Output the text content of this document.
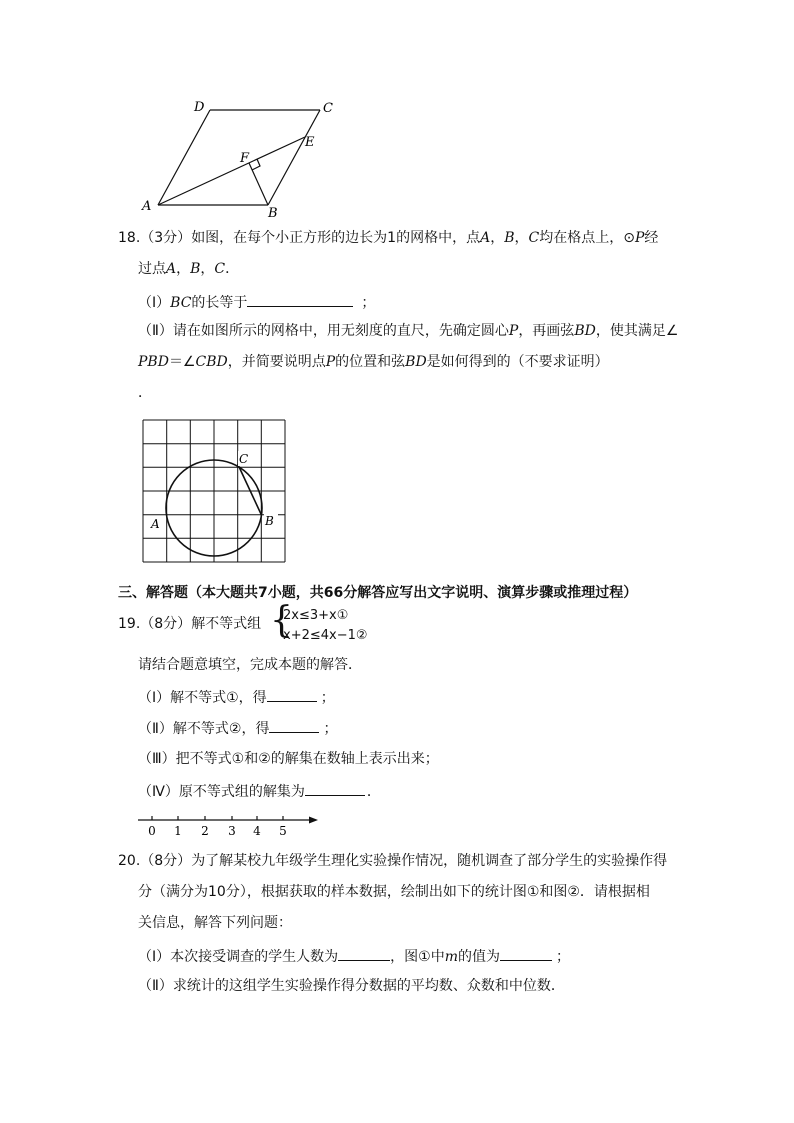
D	C
E
F
A	B
18.（3分）如图，在每个小正方形的边长为1的网格中，点A，B，C均在格点上，⊙P经
过点A，B，C．
（Ⅰ）BC的长等于	；
（Ⅱ）请在如图所示的网格中，用无刻度的直尺，先确定圆心P，再画弦BD，使其满足∠
PBD＝∠CBD，并简要说明点P的位置和弦BD是如何得到的（不要求证明）
．
A	B
C
三、解答题（本大题共7小题，共66分解答应写出文字说明、演算步骤或推理过程）
19.（8分）解不等式组 {
2x≤3+x①
x+2≤4x−1②
请结合题意填空，完成本题的解答．
（Ⅰ）解不等式①，得	；
（Ⅱ）解不等式②，得	；
（Ⅲ）把不等式①和②的解集在数轴上表示出来；
（Ⅳ）原不等式组的解集为	．
0 1 2 3 4 5
20.（8分）为了解某校九年级学生理化实验操作情况，随机调查了部分学生的实验操作得
分（满分为10分），根据获取的样本数据，绘制出如下的统计图①和图②．请根据相
关信息，解答下列问题：
（Ⅰ）本次接受调查的学生人数为	，图①中m的值为	；
（Ⅱ）求统计的这组学生实验操作得分数据的平均数、众数和中位数．
